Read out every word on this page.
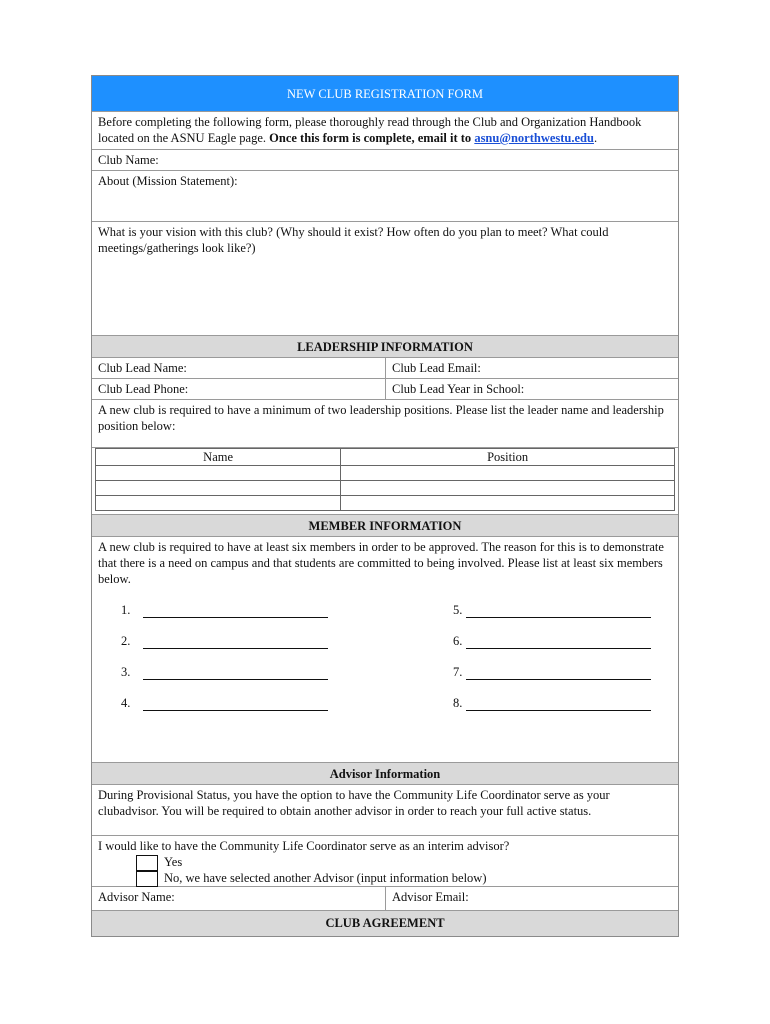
NEW CLUB REGISTRATION FORM
Before completing the following form, please thoroughly read through the Club and Organization Handbook located on the ASNU Eagle page. Once this form is complete, email it to asnu@northwestu.edu.
Club Name:
About (Mission Statement):
What is your vision with this club? (Why should it exist? How often do you plan to meet? What could meetings/gatherings look like?)
LEADERSHIP INFORMATION
Club Lead Name:	Club Lead Email:
Club Lead Phone:	Club Lead Year in School:
A new club is required to have a minimum of two leadership positions. Please list the leader name and leadership position below:
Name	Position

MEMBER INFORMATION
A new club is required to have at least six members in order to be approved. The reason for this is to demonstrate that there is a need on campus and that students are committed to being involved. Please list at least six members below.
1.
2.
3.
4.
5.
6.
7.
8.
Advisor Information
During Provisional Status, you have the option to have the Community Life Coordinator serve as your clubadvisor. You will be required to obtain another advisor in order to reach your full active status.
I would like to have the Community Life Coordinator serve as an interim advisor?
Yes
No, we have selected another Advisor (input information below)
Advisor Name:	Advisor Email:
CLUB AGREEMENT
